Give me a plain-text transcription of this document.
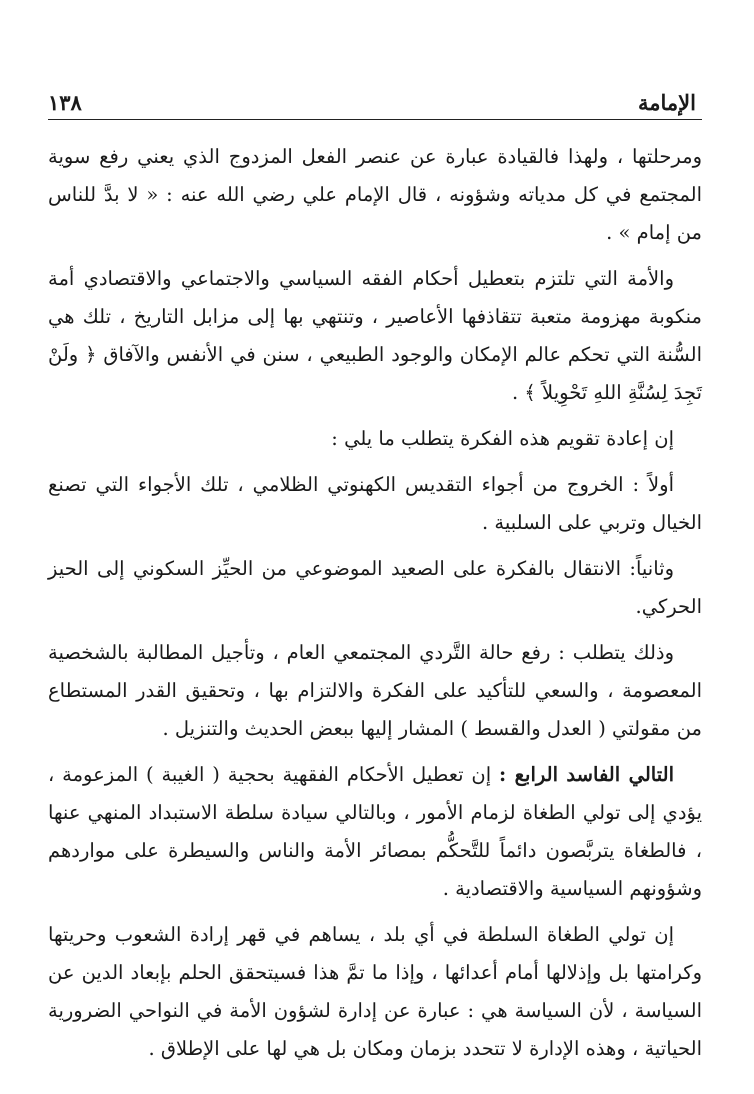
الإمامة
١٣٨

ومرحلتها ، ولهذا فالقيادة عبارة عن عنصر الفعل المزدوج الذي يعني رفع سوية المجتمع في كل مدياته وشؤونه ، قال الإمام علي رضي الله عنه : « لا بدَّ للناس من إمام » .

والأمة التي تلتزم بتعطيل أحكام الفقه السياسي والاجتماعي والاقتصادي أمة منكوبة مهزومة متعبة تتقاذفها الأعاصير ، وتنتهي بها إلى مزابل التاريخ ، تلك هي السُّنة التي تحكم عالم الإمكان والوجود الطبيعي ، سنن في الأنفس والآفاق ﴿ ولَنْ تَجِدَ لِسُنَّةِ اللهِ تَحْوِيلاً ﴾ .

إن إعادة تقويم هذه الفكرة يتطلب ما يلي :

أولاً : الخروج من أجواء التقديس الكهنوتي الظلامي ، تلك الأجواء التي تصنع الخيال وتربي على السلبية .

وثانياً: الانتقال بالفكرة على الصعيد الموضوعي من الحيِّز السكوني إلى الحيز الحركي.

وذلك يتطلب : رفع حالة التَّردي المجتمعي العام ، وتأجيل المطالبة بالشخصية المعصومة ، والسعي للتأكيد على الفكرة والالتزام بها ، وتحقيق القدر المستطاع من مقولتي ( العدل والقسط ) المشار إليها ببعض الحديث والتنزيل .

التالي الفاسد الرابع : إن تعطيل الأحكام الفقهية بحجية ( الغيبة ) المزعومة ، يؤدي إلى تولي الطغاة لزمام الأمور ، وبالتالي سيادة سلطة الاستبداد المنهي عنها ، فالطغاة يتربَّصون دائماً للتَّحكُّم بمصائر الأمة والناس والسيطرة على مواردهم وشؤونهم السياسية والاقتصادية .

إن تولي الطغاة السلطة في أي بلد ، يساهم في قهر إرادة الشعوب وحريتها وكرامتها بل وإذلالها أمام أعدائها ، وإذا ما تمَّ هذا فسيتحقق الحلم بإبعاد الدين عن السياسة ، لأن السياسة هي : عبارة عن إدارة لشؤون الأمة في النواحي الضرورية الحياتية ، وهذه الإدارة لا تتحدد بزمان ومكان بل هي لها على الإطلاق .
